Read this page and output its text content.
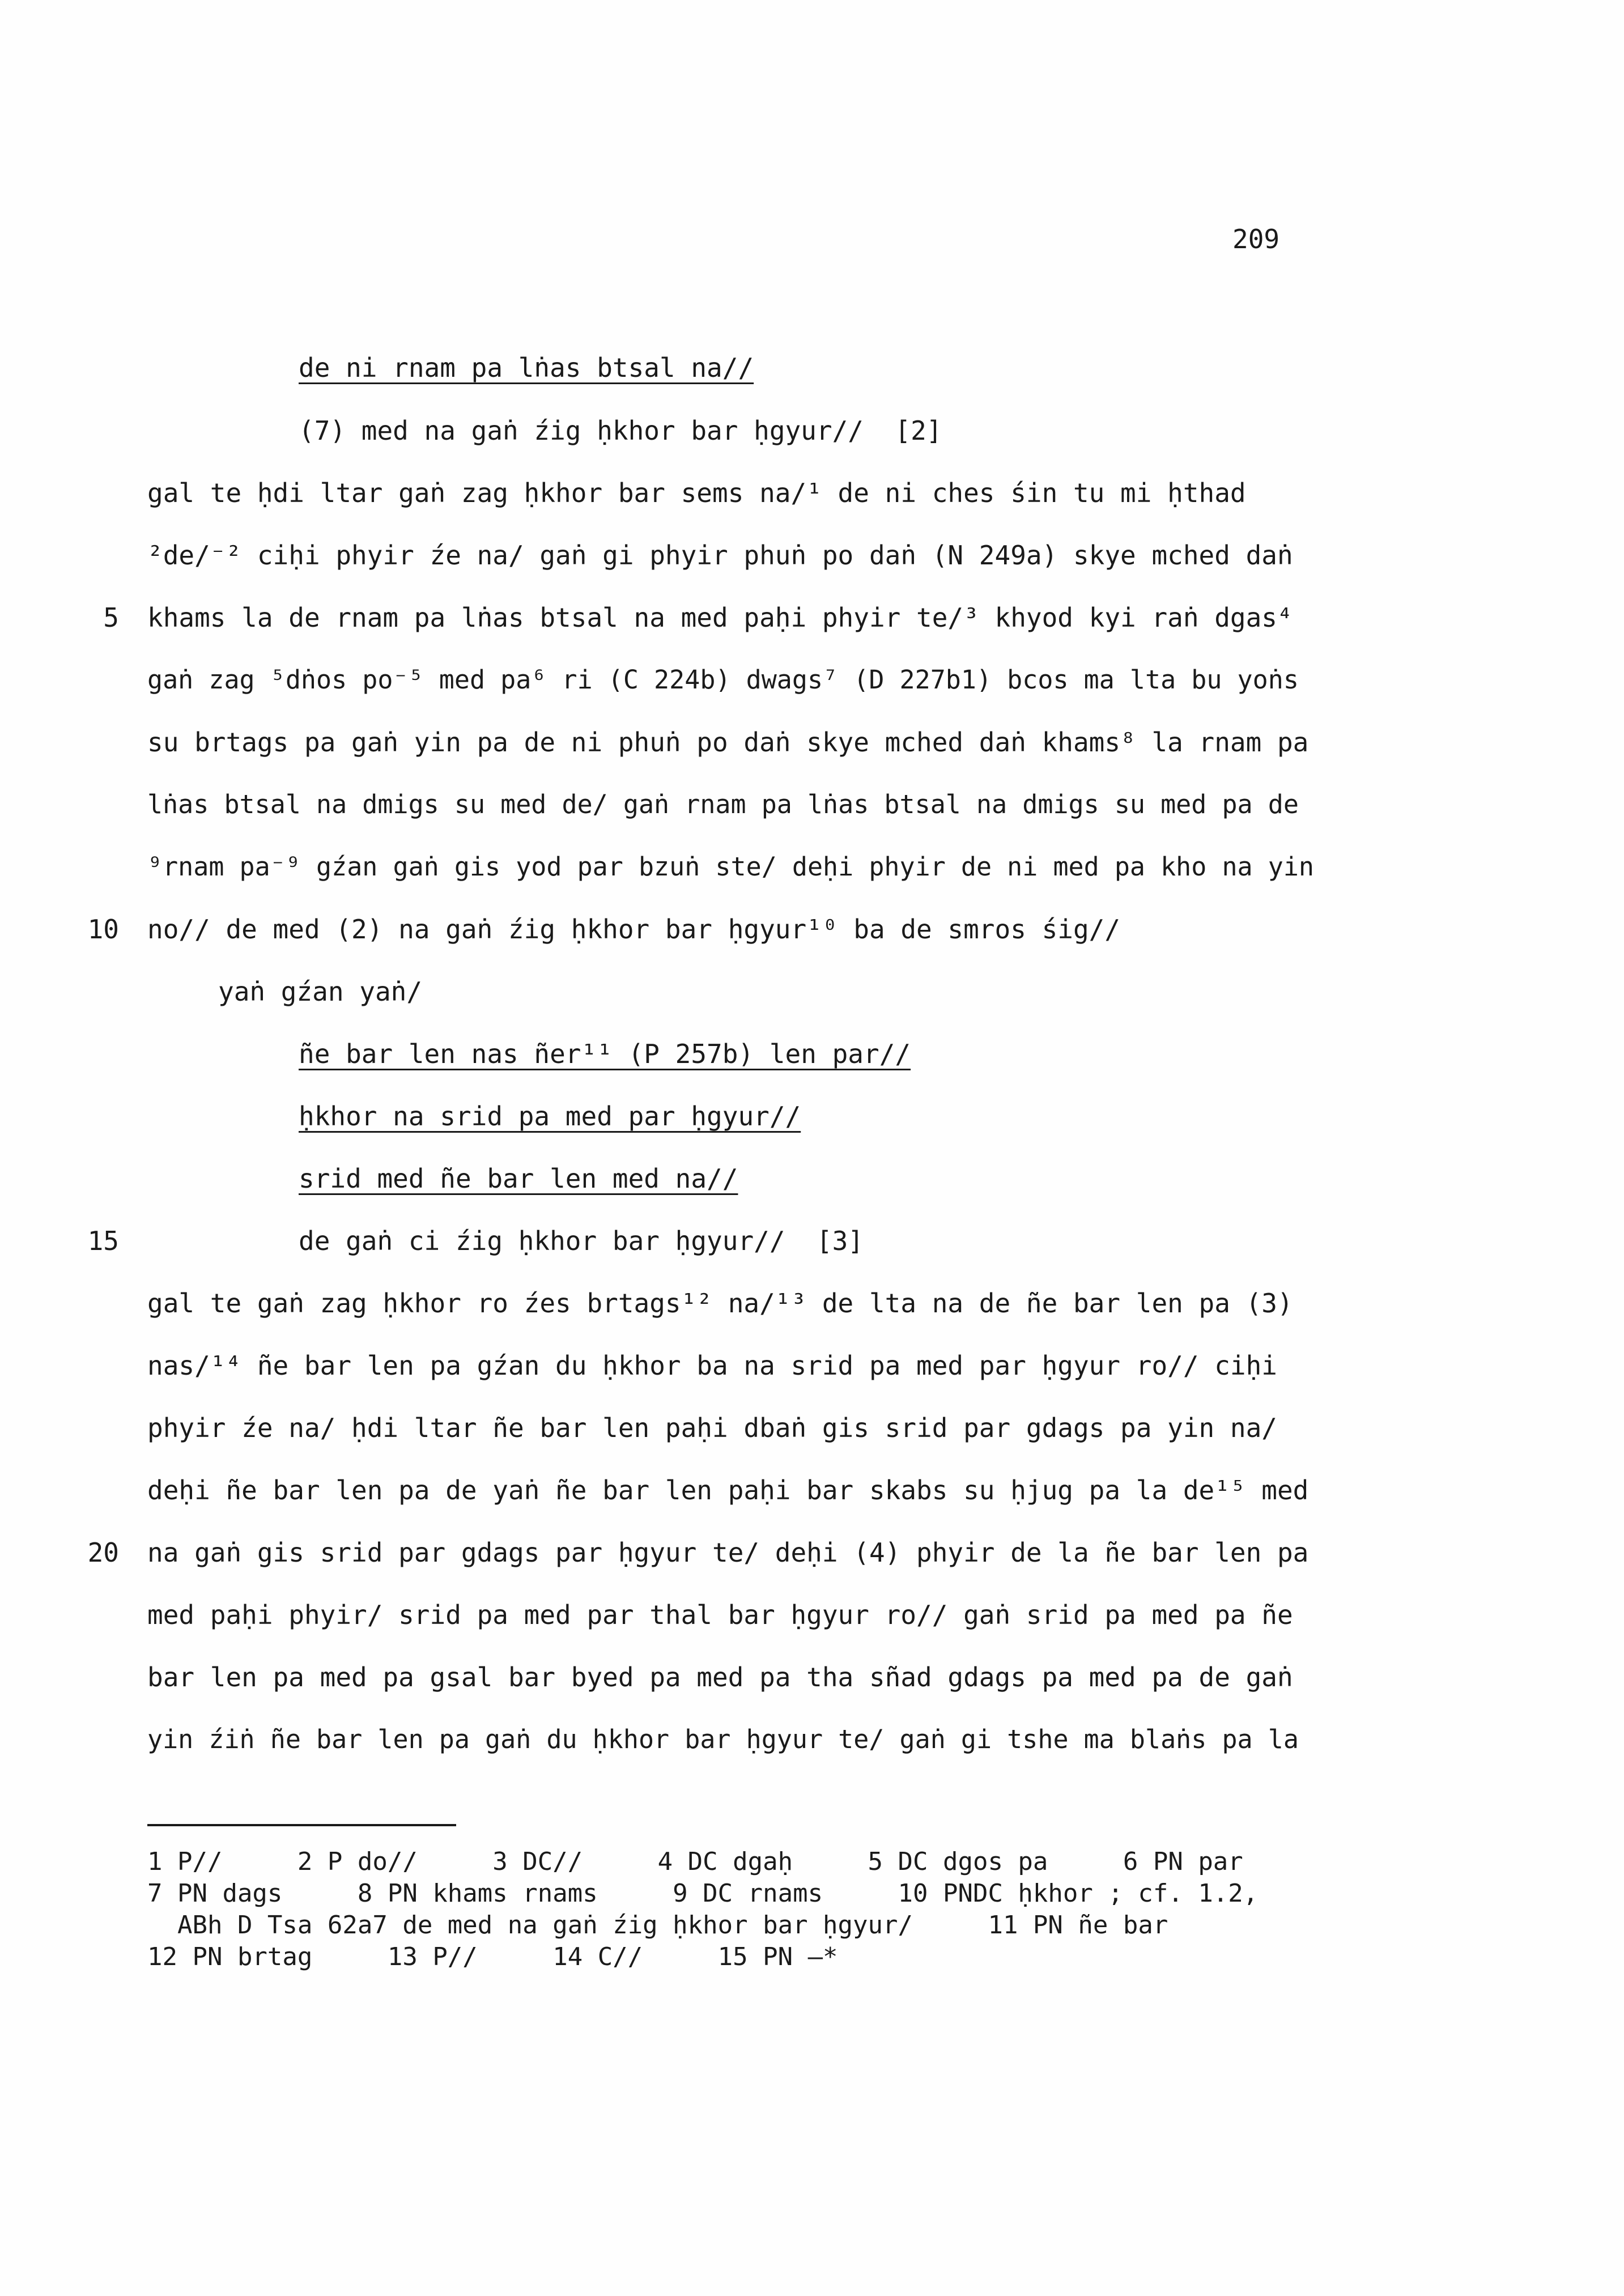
209
de ni rnam pa lṅas btsal na//
(7) med na gaṅ źig ḥkhor bar ḥgyur//  [2]
gal te ḥdi ltar gaṅ zag ḥkhor bar sems na/¹ de ni ches śin tu mi ḥthad
²de/⁻² ciḥi phyir źe na/ gaṅ gi phyir phuṅ po daṅ (N 249a) skye mched daṅ
5 khams la de rnam pa lṅas btsal na med paḥi phyir te/³ khyod kyi raṅ dgas⁴
gaṅ zag ⁵dṅos po⁻⁵ med pa⁶ ri (C 224b) dwags⁷ (D 227b1) bcos ma lta bu yoṅs
su brtags pa gaṅ yin pa de ni phuṅ po daṅ skye mched daṅ khams⁸ la rnam pa
lṅas btsal na dmigs su med de/ gaṅ rnam pa lṅas btsal na dmigs su med pa de
⁹rnam pa⁻⁹ gźan gaṅ gis yod par bzuṅ ste/ deḥi phyir de ni med pa kho na yin
10 no// de med (2) na gaṅ źig ḥkhor bar ḥgyur¹⁰ ba de smros śig//
yaṅ gźan yaṅ/
ñe bar len nas ñer¹¹ (P 257b) len par//
ḥkhor na srid pa med par ḥgyur//
srid med ñe bar len med na//
15	de gaṅ ci źig ḥkhor bar ḥgyur//  [3]
gal te gaṅ zag ḥkhor ro źes brtags¹² na/¹³ de lta na de ñe bar len pa (3)
nas/¹⁴ ñe bar len pa gźan du ḥkhor ba na srid pa med par ḥgyur ro// ciḥi
phyir źe na/ ḥdi ltar ñe bar len paḥi dbaṅ gis srid par gdags pa yin na/
deḥi ñe bar len pa de yaṅ ñe bar len paḥi bar skabs su ḥjug pa la de¹⁵ med
20 na gaṅ gis srid par gdags par ḥgyur te/ deḥi (4) phyir de la ñe bar len pa
med paḥi phyir/ srid pa med par thal bar ḥgyur ro// gaṅ srid pa med pa ñe
bar len pa med pa gsal bar byed pa med pa tha sñad gdags pa med pa de gaṅ
yin źiṅ ñe bar len pa gaṅ du ḥkhor bar ḥgyur te/ gaṅ gi tshe ma blaṅs pa la
1 P//     2 P do//     3 DC//     4 DC dgaḥ     5 DC dgos pa     6 PN par
7 PN dags     8 PN khams rnams     9 DC rnams     10 PNDC ḥkhor ; cf. 1.2,
ABh D Tsa 62a7 de med na gaṅ źig ḥkhor bar ḥgyur/     11 PN ñe bar
12 PN brtag     13 P//     14 C//     15 PN —*
